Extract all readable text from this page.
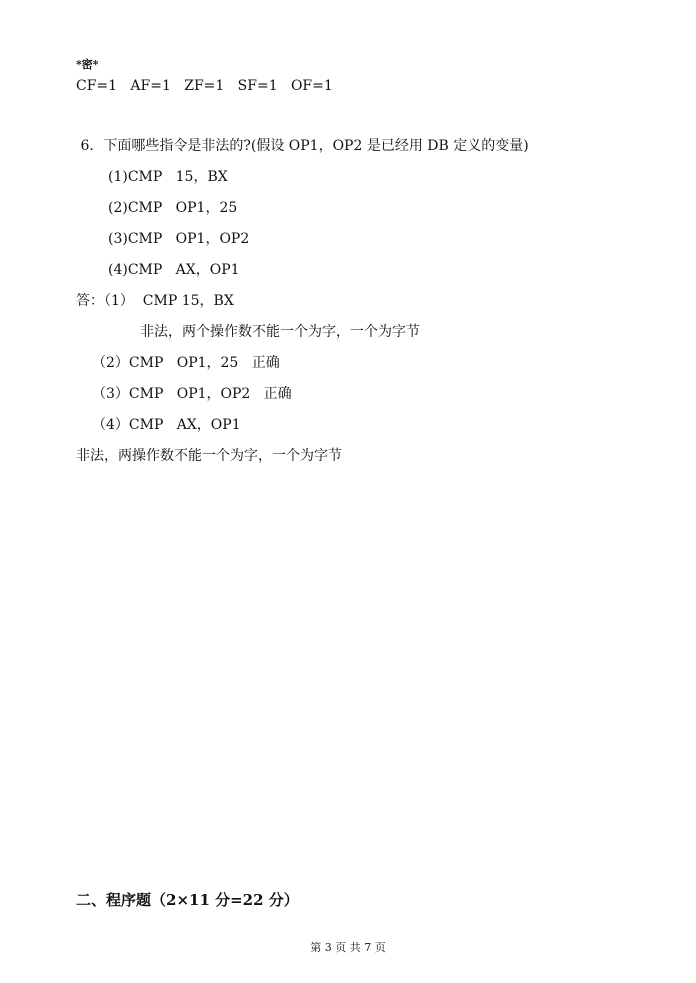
*密*
CF=1   AF=1   ZF=1   SF=1   OF=1
6．下面哪些指令是非法的?(假设 OP1，OP2 是已经用 DB 定义的变量)
(1)CMP   15，BX
(2)CMP   OP1，25
(3)CMP   OP1，OP2
(4)CMP   AX，OP1
答：（1）  CMP 15，BX
非法，两个操作数不能一个为字，一个为字节
（2）CMP   OP1，25   正确
（3）CMP   OP1，OP2   正确
（4）CMP   AX，OP1
非法，两操作数不能一个为字，一个为字节
二、程序题（2×11 分=22 分）
第 3 页 共 7 页
